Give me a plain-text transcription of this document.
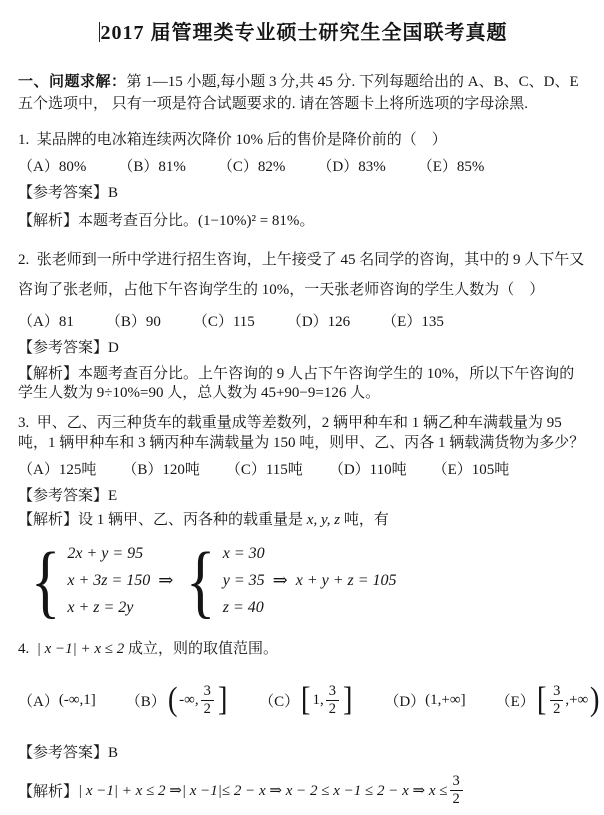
2017 届管理类专业硕士研究生全国联考真题

一、问题求解：第 1—15 小题,每小题 3 分,共 45 分. 下列每题给出的 A、B、C、D、E 五个选项中， 只有一项是符合试题要求的. 请在答题卡上将所选项的字母涂黑.

1. 某品牌的电冰箱连续两次降价 10% 后的售价是降价前的（　）

（A）80% （B）81% （C）82% （D）83% （E）85%

【参考答案】B

【解析】本题考查百分比。(1−10%)² = 81%。

2. 张老师到一所中学进行招生咨询，上午接受了 45 名同学的咨询，其中的 9 人下午又咨询了张老师，占他下午咨询学生的 10%，一天张老师咨询的学生人数为（　）

（A）81 （B）90 （C）115 （D）126 （E）135

【参考答案】D

【解析】本题考查百分比。上午咨询的 9 人占下午咨询学生的 10%，所以下午咨询的学生人数为 9÷10%=90 人，总人数为 45+90−9=126 人。

3. 甲、乙、丙三种货车的载重量成等差数列，2 辆甲种车和 1 辆乙种车满载量为 95 吨，1 辆甲种车和 3 辆丙种车满载量为 150 吨，则甲、乙、丙各 1 辆载满货物为多少？

（A）125吨 （B）120吨 （C）115吨 （D）110吨 （E）105吨

【参考答案】E

【解析】设 1 辆甲、乙、丙各种的载重量是 x, y, z 吨，有

{ 2x + y = 95
x + 3z = 150
x + z = 2y
⇒ { x = 30
y = 35
z = 40
⇒ x + y + z = 105

4. | x −1| + x ≤ 2 成立，则的取值范围。

（A） (-∞,1] （B） ( -∞, $\frac{3}{2}$ ] （C） [ 1, $\frac{3}{2}$ ] （D） (1,+∞] （E） [ $\frac{3}{2}$ ,+∞ )

【参考答案】B

【解析】 | x −1| + x ≤ 2 ⇒| x −1|≤ 2 − x ⇒ x − 2 ≤ x −1 ≤ 2 − x ⇒ $x \le \frac{3}{2}$
